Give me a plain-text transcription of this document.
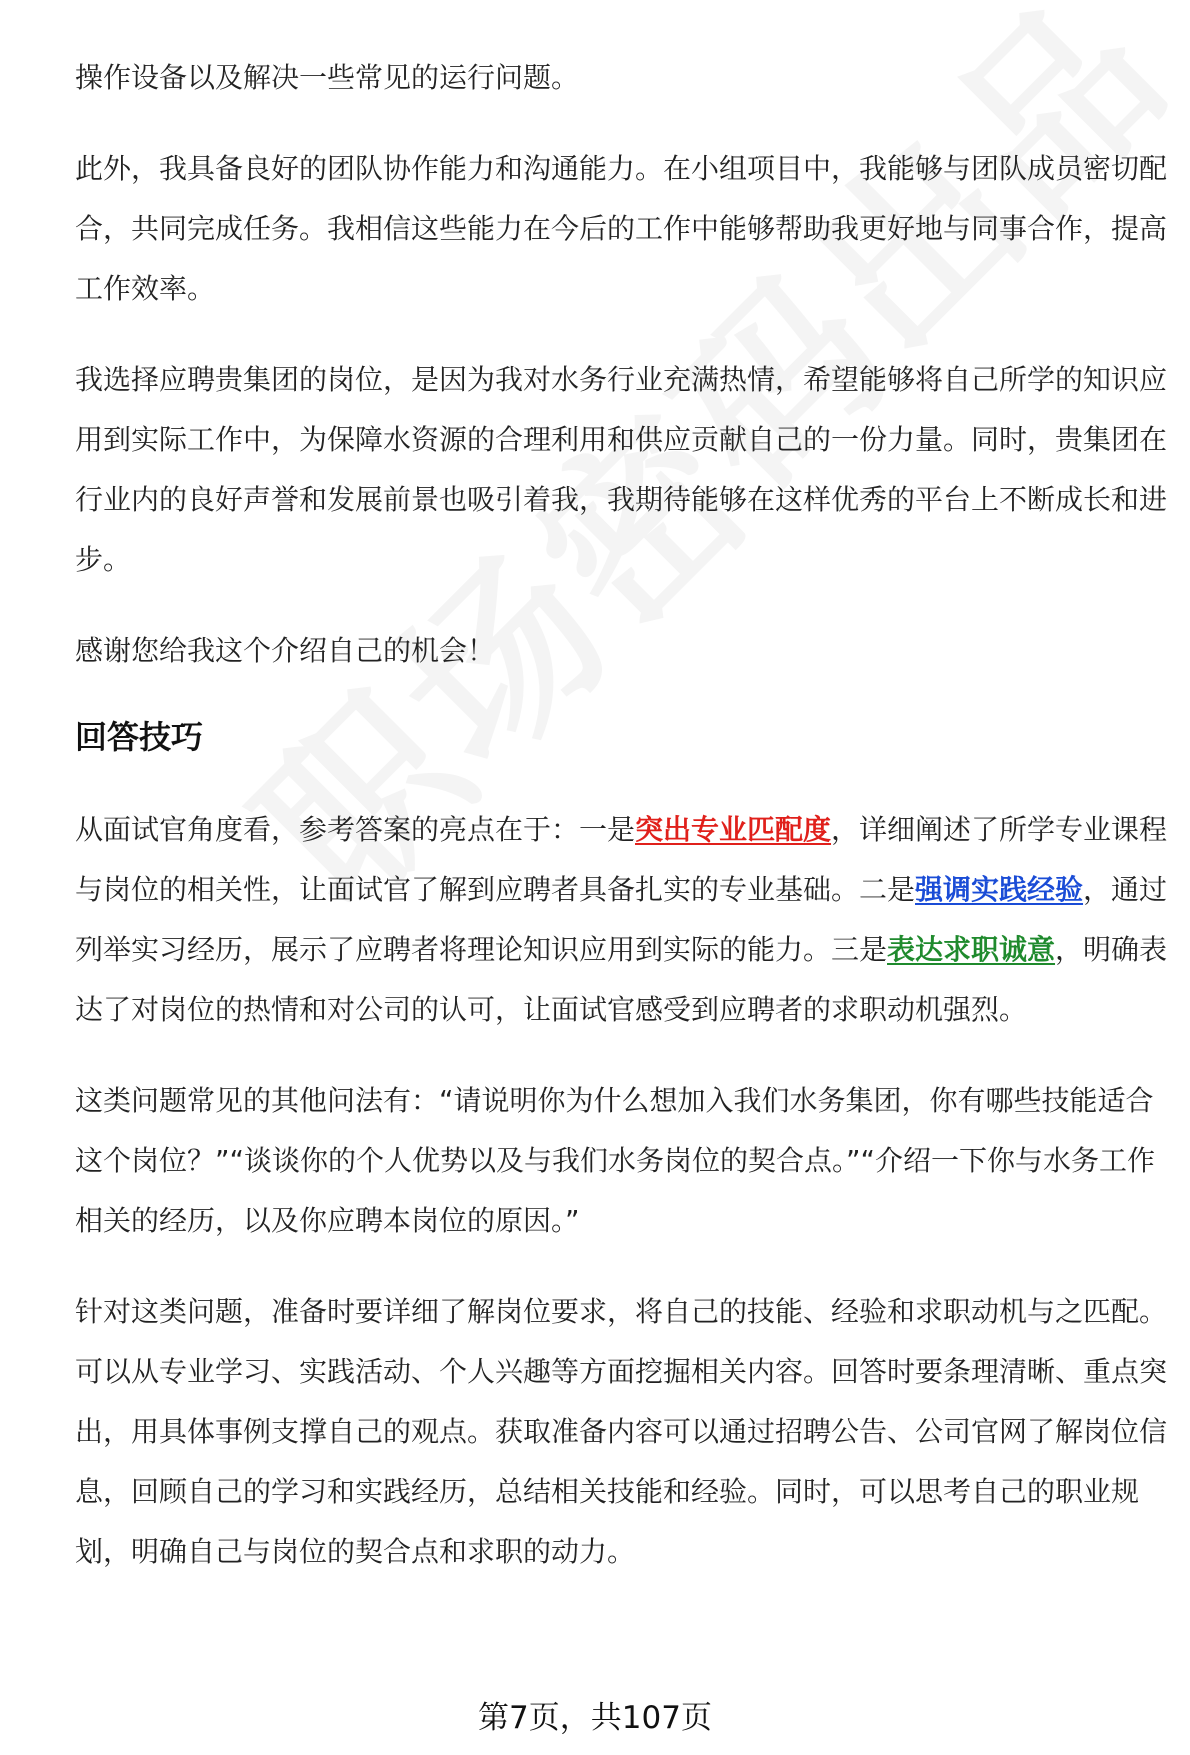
操作设备以及解决一些常见的运行问题。

此外，我具备良好的团队协作能力和沟通能力。在小组项目中，我能够与团队成员密切配合，共同完成任务。我相信这些能力在今后的工作中能够帮助我更好地与同事合作，提高工作效率。

我选择应聘贵集团的岗位，是因为我对水务行业充满热情，希望能够将自己所学的知识应用到实际工作中，为保障水资源的合理利用和供应贡献自己的一份力量。同时，贵集团在行业内的良好声誉和发展前景也吸引着我，我期待能够在这样优秀的平台上不断成长和进步。

感谢您给我这个介绍自己的机会！

回答技巧

从面试官角度看，参考答案的亮点在于：一是突出专业匹配度，详细阐述了所学专业课程与岗位的相关性，让面试官了解到应聘者具备扎实的专业基础。二是强调实践经验，通过列举实习经历，展示了应聘者将理论知识应用到实际的能力。三是表达求职诚意，明确表达了对岗位的热情和对公司的认可，让面试官感受到应聘者的求职动机强烈。

这类问题常见的其他问法有：“请说明你为什么想加入我们水务集团，你有哪些技能适合这个岗位？”“谈谈你的个人优势以及与我们水务岗位的契合点。”“介绍一下你与水务工作相关的经历，以及你应聘本岗位的原因。”

针对这类问题，准备时要详细了解岗位要求，将自己的技能、经验和求职动机与之匹配。可以从专业学习、实践活动、个人兴趣等方面挖掘相关内容。回答时要条理清晰、重点突出，用具体事例支撑自己的观点。获取准备内容可以通过招聘公告、公司官网了解岗位信息，回顾自己的学习和实践经历，总结相关技能和经验。同时，可以思考自己的职业规划，明确自己与岗位的契合点和求职的动力。

第7页，共107页
